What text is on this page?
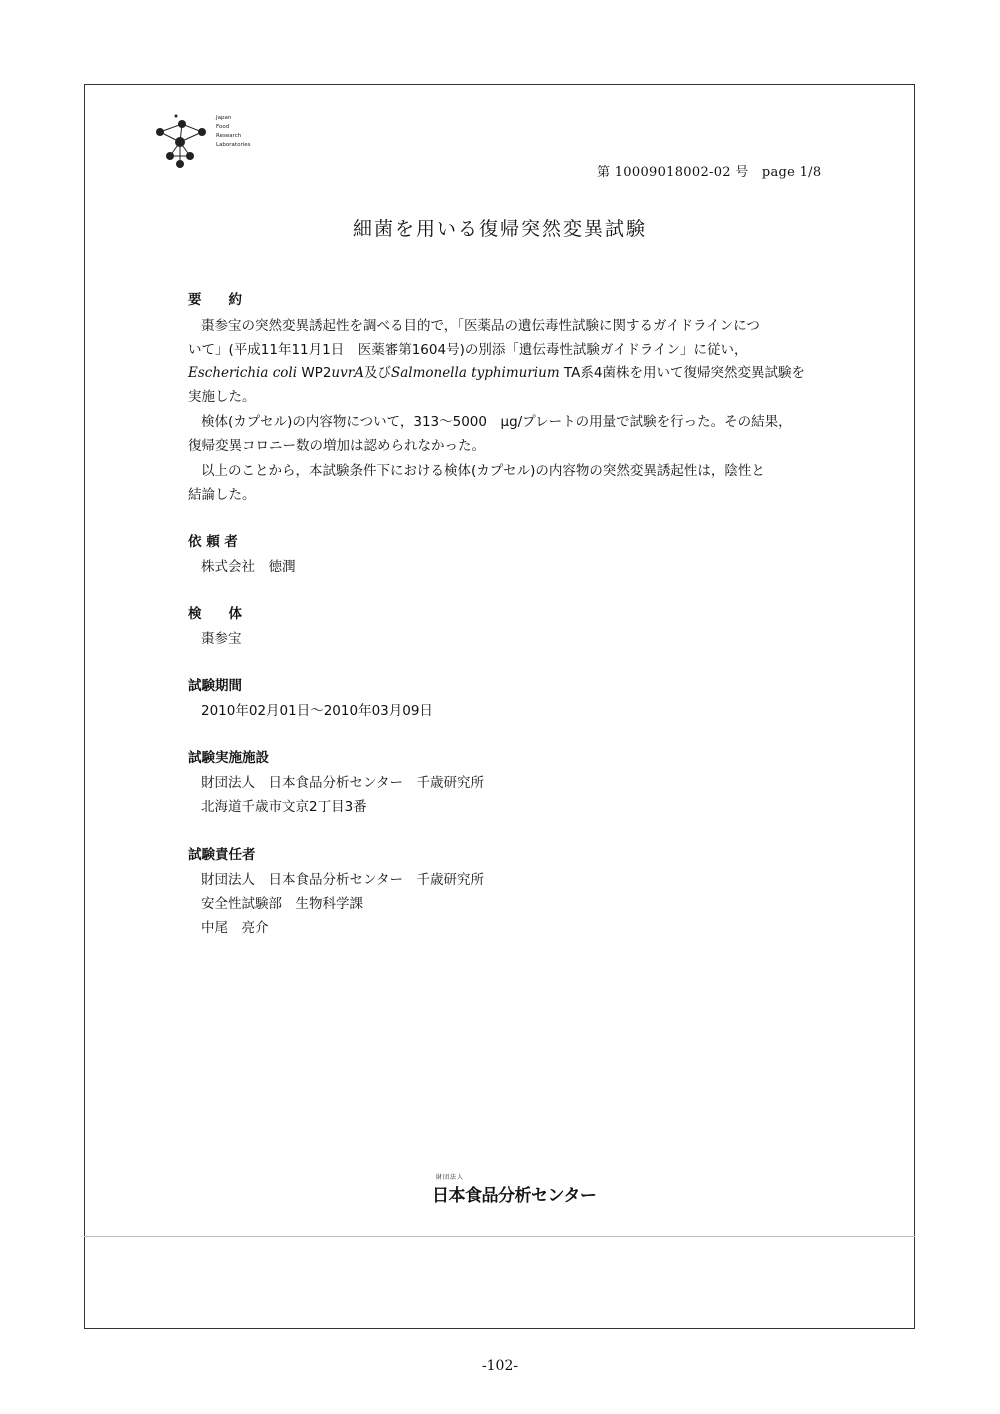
Japan
Food
Research
Laboratories
第 10009018002-02 号　page 1/8
細菌を用いる復帰突然変異試験
要　　約
棗参宝の突然変異誘起性を調べる目的で，「医薬品の遺伝毒性試験に関するガイドラインにつ
いて」(平成11年11月1日　医薬審第1604号)の別添「遺伝毒性試験ガイドライン」に従い，
Escherichia coli WP2uvrA及びSalmonella typhimurium TA系4菌株を用いて復帰突然変異試験を
実施した。
検体(カプセル)の内容物について，313～5000　μg/プレートの用量で試験を行った。その結果，
復帰変異コロニー数の増加は認められなかった。
以上のことから，本試験条件下における検体(カプセル)の内容物の突然変異誘起性は，陰性と
結論した。
依 頼 者
株式会社　徳潤
検　　体
棗参宝
試験期間
2010年02月01日～2010年03月09日
試験実施施設
財団法人　日本食品分析センター　千歳研究所
北海道千歳市文京2丁目3番
試験責任者
財団法人　日本食品分析センター　千歳研究所
安全性試験部　生物科学課
中尾　亮介
財団法人
日本食品分析センター
-102-
